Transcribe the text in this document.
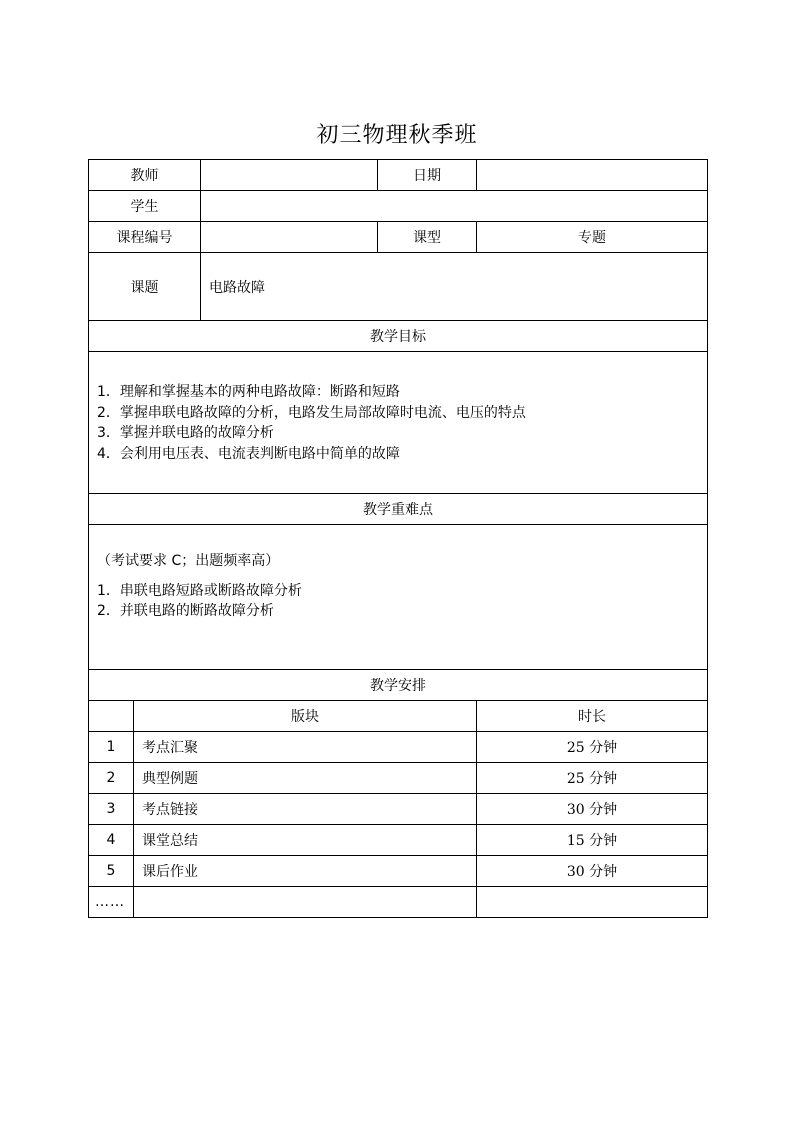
初三物理秋季班
教师			日期	
学生				
课程编号			课型	专题
课题		电路故障		
教学目标				

1．理解和掌握基本的两种电路故障：断路和短路
2．掌握串联电路故障的分析，电路发生局部故障时电流、电压的特点
3．掌握并联电路的故障分析
4．会利用电压表、电流表判断电路中简单的故障				

教学重难点				

（考试要求 C；出题频率高）
1．串联电路短路或断路故障分析
2．并联电路的断路故障分析				

教学安排				
	版块			时长
1	考点汇聚			25 分钟
2	典型例题			25 分钟
3	考点链接			30 分钟
4	课堂总结			15 分钟
5	课后作业			30 分钟
……				
